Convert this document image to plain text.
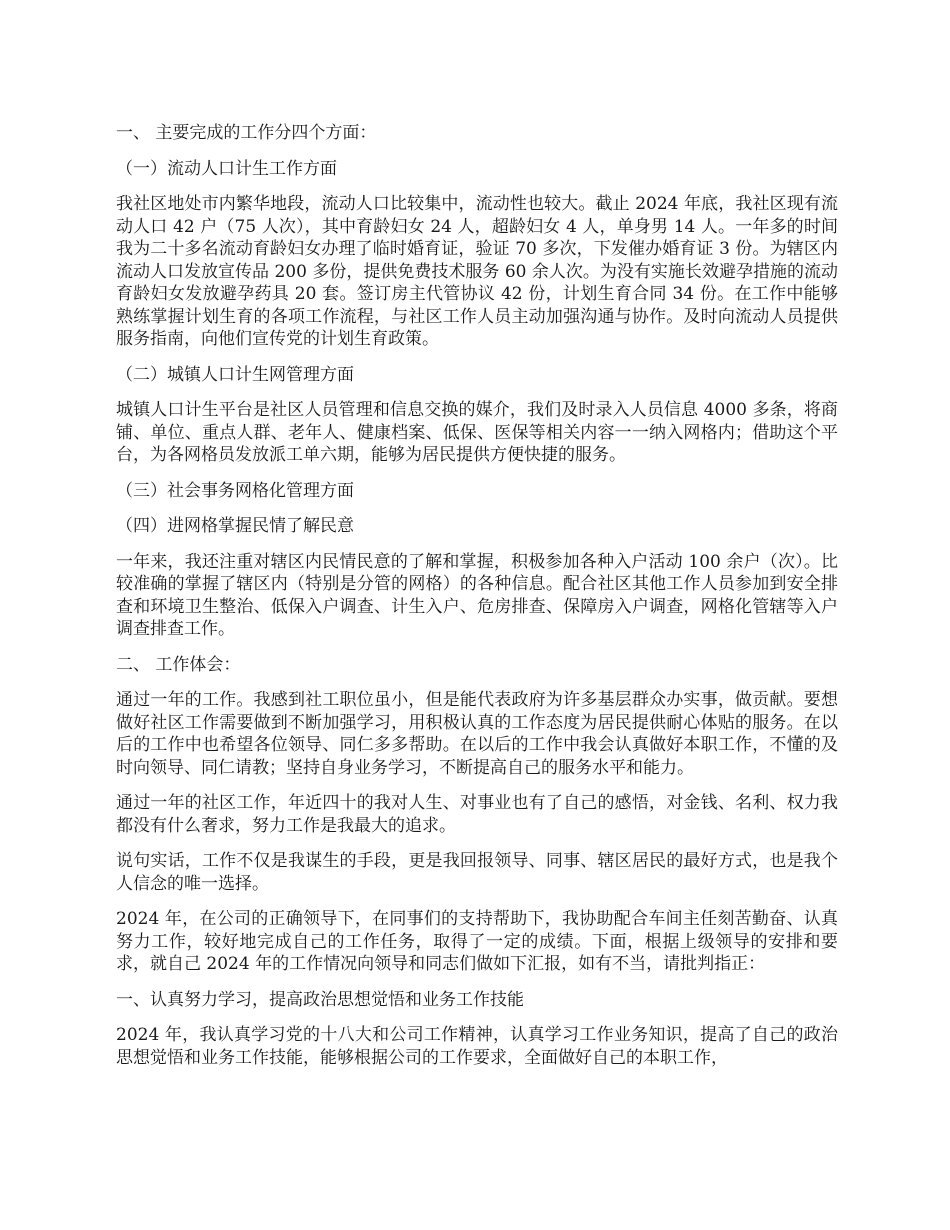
一、 主要完成的工作分四个方面：

（一）流动人口计生工作方面

我社区地处市内繁华地段，流动人口比较集中，流动性也较大。截止 2024 年底，我社区现有流动人口 42 户（75 人次），其中育龄妇女 24 人，超龄妇女 4 人，单身男 14 人。一年多的时间我为二十多名流动育龄妇女办理了临时婚育证，验证 70 多次，下发催办婚育证 3 份。为辖区内流动人口发放宣传品 200 多份，提供免费技术服务 60 余人次。为没有实施长效避孕措施的流动育龄妇女发放避孕药具 20 套。签订房主代管协议 42 份，计划生育合同 34 份。在工作中能够熟练掌握计划生育的各项工作流程，与社区工作人员主动加强沟通与协作。及时向流动人员提供服务指南，向他们宣传党的计划生育政策。

（二）城镇人口计生网管理方面

城镇人口计生平台是社区人员管理和信息交换的媒介，我们及时录入人员信息 4000 多条，将商铺、单位、重点人群、老年人、健康档案、低保、医保等相关内容一一纳入网格内；借助这个平台，为各网格员发放派工单六期，能够为居民提供方便快捷的服务。

（三）社会事务网格化管理方面

（四）进网格掌握民情了解民意

一年来，我还注重对辖区内民情民意的了解和掌握，积极参加各种入户活动 100 余户（次）。比较准确的掌握了辖区内（特别是分管的网格）的各种信息。配合社区其他工作人员参加到安全排查和环境卫生整治、低保入户调查、计生入户、危房排查、保障房入户调查，网格化管辖等入户调查排查工作。

二、 工作体会：

通过一年的工作。我感到社工职位虽小，但是能代表政府为许多基层群众办实事，做贡献。要想做好社区工作需要做到不断加强学习，用积极认真的工作态度为居民提供耐心体贴的服务。在以后的工作中也希望各位领导、同仁多多帮助。在以后的工作中我会认真做好本职工作，不懂的及时向领导、同仁请教；坚持自身业务学习，不断提高自己的服务水平和能力。

通过一年的社区工作，年近四十的我对人生、对事业也有了自己的感悟，对金钱、名利、权力我都没有什么奢求，努力工作是我最大的追求。

说句实话，工作不仅是我谋生的手段，更是我回报领导、同事、辖区居民的最好方式，也是我个人信念的唯一选择。

2024 年，在公司的正确领导下，在同事们的支持帮助下，我协助配合车间主任刻苦勤奋、认真努力工作，较好地完成自己的工作任务，取得了一定的成绩。下面，根据上级领导的安排和要求，就自己 2024 年的工作情况向领导和同志们做如下汇报，如有不当，请批判指正：

一、认真努力学习，提高政治思想觉悟和业务工作技能

2024 年，我认真学习党的十八大和公司工作精神，认真学习工作业务知识，提高了自己的政治思想觉悟和业务工作技能，能够根据公司的工作要求，全面做好自己的本职工作，
